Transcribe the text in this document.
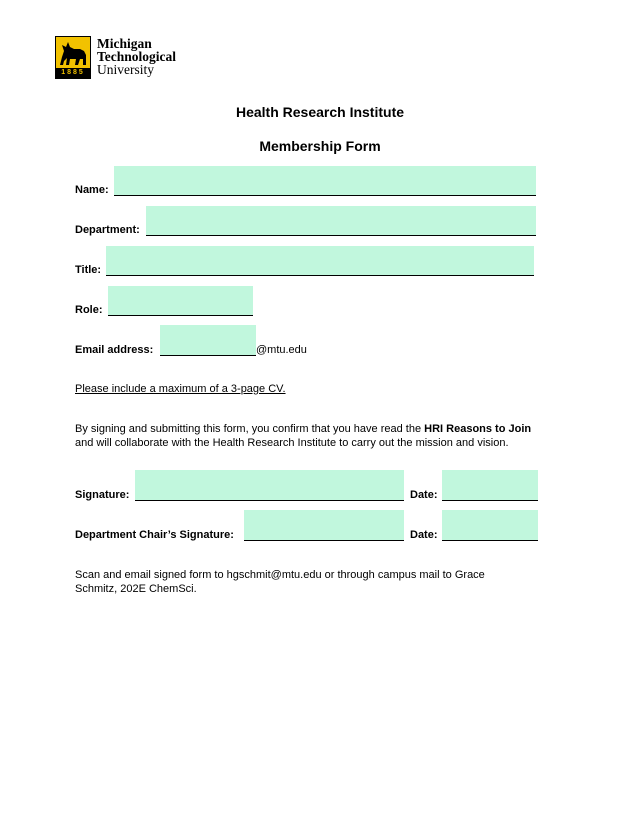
1885
Michigan
Technological
University
Health Research Institute
Membership Form
Name:
Department:
Title:
Role:
Email address:	@mtu.edu
Please include a maximum of a 3-page CV.
By signing and submitting this form, you confirm that you have read the HRI Reasons to Join
and will collaborate with the Health Research Institute to carry out the mission and vision.
Signature:	Date:
Department Chair’s Signature:	Date:
Scan and email signed form to hgschmit@mtu.edu or through campus mail to Grace
Schmitz, 202E ChemSci.
